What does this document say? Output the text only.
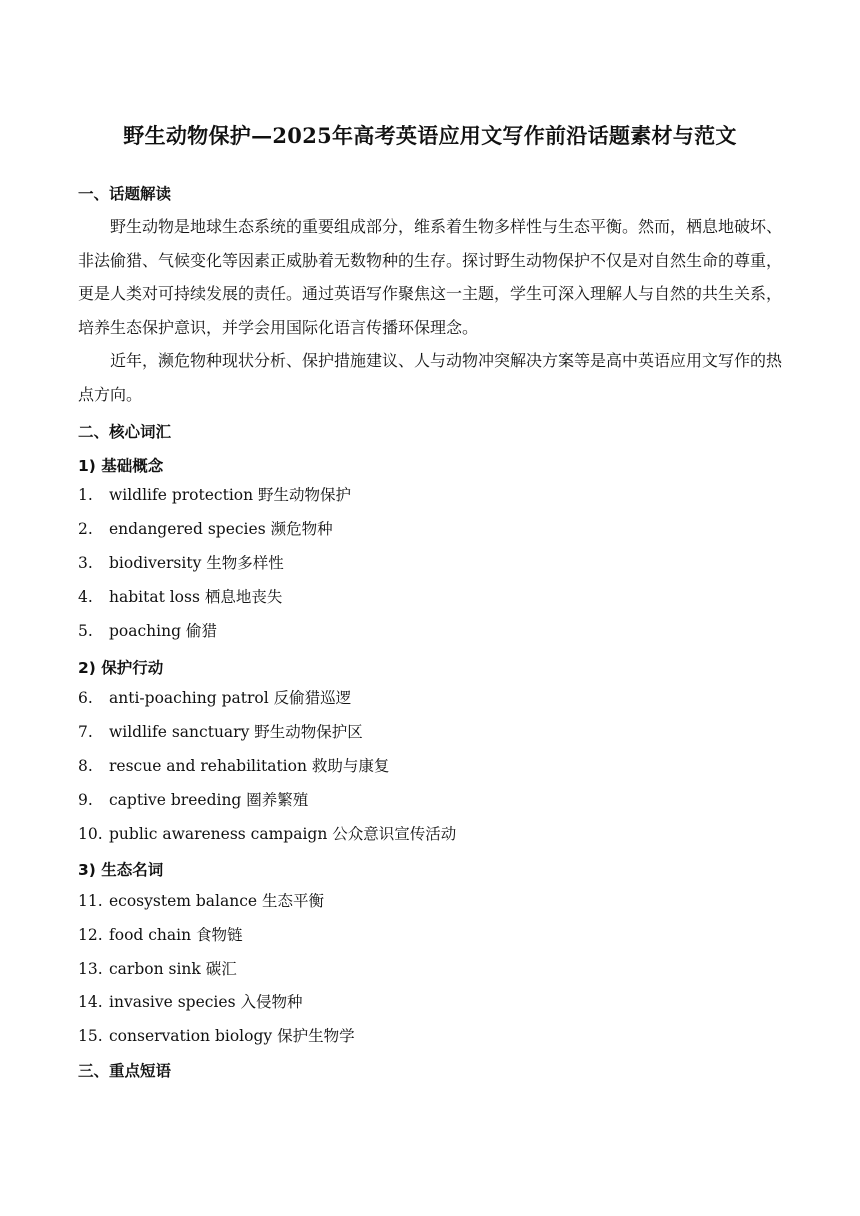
野生动物保护—2025年高考英语应用文写作前沿话题素材与范文
一、话题解读

野生动物是地球生态系统的重要组成部分，维系着生物多样性与生态平衡。然而，栖息地破坏、非法偷猎、气候变化等因素正威胁着无数物种的生存。探讨野生动物保护不仅是对自然生命的尊重，更是人类对可持续发展的责任。通过英语写作聚焦这一主题，学生可深入理解人与自然的共生关系，培养生态保护意识，并学会用国际化语言传播环保理念。

近年，濒危物种现状分析、保护措施建议、人与动物冲突解决方案等是高中英语应用文写作的热点方向。

二、核心词汇
1) 基础概念
1. wildlife protection 野生动物保护
2. endangered species 濒危物种
3. biodiversity 生物多样性
4. habitat loss 栖息地丧失
5. poaching 偷猎
2) 保护行动
6. anti-poaching patrol 反偷猎巡逻
7. wildlife sanctuary 野生动物保护区
8. rescue and rehabilitation 救助与康复
9. captive breeding 圈养繁殖
10. public awareness campaign 公众意识宣传活动
3) 生态名词
11. ecosystem balance 生态平衡
12. food chain 食物链
13. carbon sink 碳汇
14. invasive species 入侵物种
15. conservation biology 保护生物学
三、重点短语
